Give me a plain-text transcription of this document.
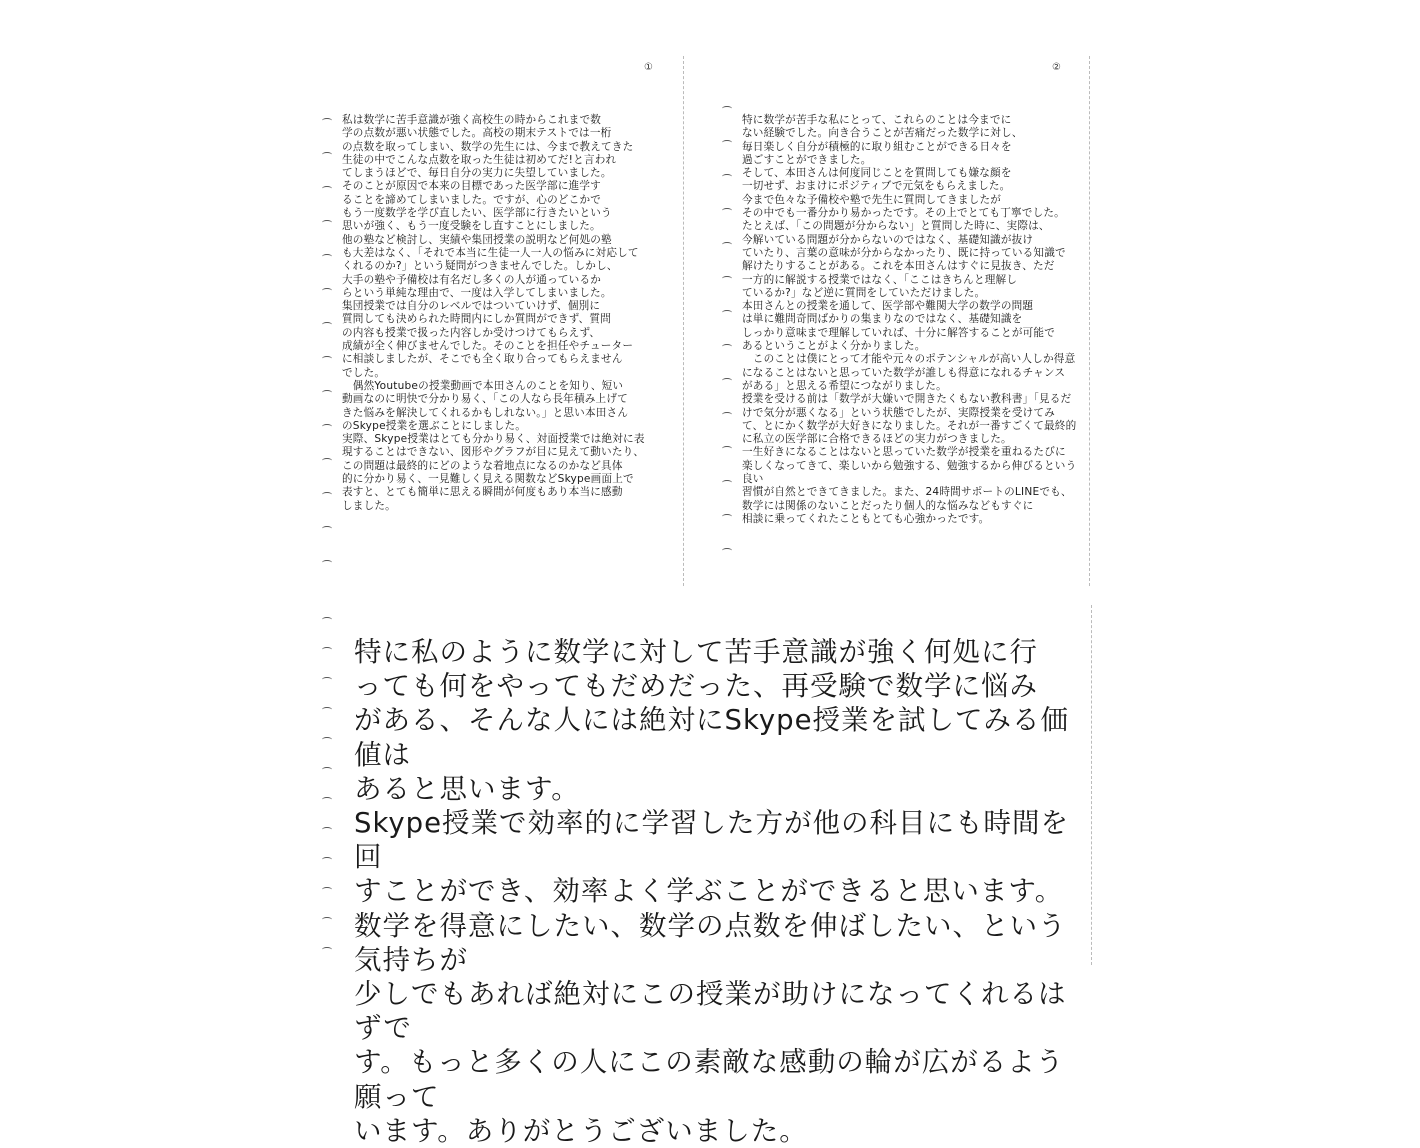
①

私は数学に苦手意識が強く高校生の時からこれまで数
学の点数が悪い状態でした。高校の期末テストでは一桁
の点数を取ってしまい、数学の先生には、今まで教えてきた
生徒の中でこんな点数を取った生徒は初めてだ!と言われ
てしまうほどで、毎日自分の実力に失望していました。
そのことが原因で本来の目標であった医学部に進学す
ることを諦めてしまいました。ですが、心のどこかで
もう一度数学を学び直したい、医学部に行きたいという
思いが強く、もう一度受験をし直すことにしました。
他の塾など検討し、実績や集団授業の説明など何処の塾
も大差はなく、「それで本当に生徒一人一人の悩みに対応して
くれるのか?」という疑問がつきませんでした。しかし、
大手の塾や予備校は有名だし多くの人が通っているか
らという単純な理由で、一度は入学してしまいました。
集団授業では自分のレベルではついていけず、個別に
質問しても決められた時間内にしか質問ができず、質問
の内容も授業で扱った内容しか受けつけてもらえず、
成績が全く伸びませんでした。そのことを担任やチューター
に相談しましたが、そこでも全く取り合ってもらえません
でした。
　偶然Youtubeの授業動画で本田さんのことを知り、短い
動画なのに明快で分かり易く、「この人なら長年積み上げて
きた悩みを解決してくれるかもしれない。」と思い本田さん
のSkype授業を選ぶことにしました。
実際、Skype授業はとても分かり易く、対面授業では絶対に表
現することはできない、図形やグラフが目に見えて動いたり、
この問題は最終的にどのような着地点になるのかなど具体
的に分かり易く、一見難しく見える関数などSkype画面上で
表すと、とても簡単に思える瞬間が何度もあり本当に感動
しました。

②

特に数学が苦手な私にとって、これらのことは今までに
ない経験でした。向き合うことが苦痛だった数学に対し、
毎日楽しく自分が積極的に取り組むことができる日々を
過ごすことができました。
そして、本田さんは何度同じことを質問しても嫌な顔を
一切せず、おまけにポジティブで元気をもらえました。
今まで色々な予備校や塾で先生に質問してきましたが
その中でも一番分かり易かったです。その上でとても丁寧でした。
たとえば、「この問題が分からない」と質問した時に、実際は、
今解いている問題が分からないのではなく、基礎知識が抜け
ていたり、言葉の意味が分からなかったり、既に持っている知識で
解けたりすることがある。これを本田さんはすぐに見抜き、ただ
一方的に解説する授業ではなく、「ここはきちんと理解し
ているか?」など逆に質問をしていただけました。
本田さんとの授業を通して、医学部や難関大学の数学の問題
は単に難問奇問ばかりの集まりなのではなく、基礎知識を
しっかり意味まで理解していれば、十分に解答することが可能で
あるということがよく分かりました。
　このことは僕にとって才能や元々のポテンシャルが高い人しか得意
になることはないと思っていた数学が誰しも得意になれるチャンス
がある」と思える希望につながりました。
授業を受ける前は「数学が大嫌いで開きたくもない教科書」「見るだ
けで気分が悪くなる」という状態でしたが、実際授業を受けてみ
て、とにかく数学が大好きになりました。それが一番すごくて最終的
に私立の医学部に合格できるほどの実力がつきました。
一生好きになることはないと思っていた数学が授業を重ねるたびに
楽しくなってきて、楽しいから勉強する、勉強するから伸びるという良い
習慣が自然とできてきました。また、24時間サポートのLINEでも、
数学には関係のないことだったり個人的な悩みなどもすぐに
相談に乗ってくれたこともとても心強かったです。

特に私のように数学に対して苦手意識が強く何処に行
っても何をやってもだめだった、再受験で数学に悩み
がある、そんな人には絶対にSkype授業を試してみる価値は
あると思います。
Skype授業で効率的に学習した方が他の科目にも時間を回
すことができ、効率よく学ぶことができると思います。
数学を得意にしたい、数学の点数を伸ばしたい、という気持ちが
少しでもあれば絶対にこの授業が助けになってくれるはずで
す。もっと多くの人にこの素敵な感動の輪が広がるよう願って
います。ありがとうございました。
